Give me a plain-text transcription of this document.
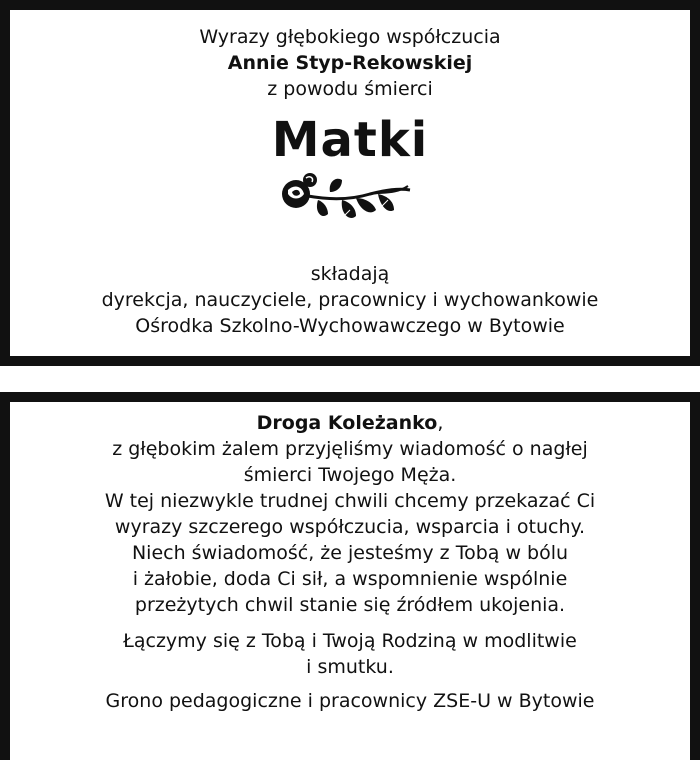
Wyrazy głębokiego współczucia
Annie Styp-Rekowskiej
z powodu śmierci
Matki
składają
dyrekcja, nauczyciele, pracownicy i wychowankowie
Ośrodka Szkolno-Wychowawczego w Bytowie
Droga Koleżanko,
z głębokim żalem przyjęliśmy wiadomość o nagłej
śmierci Twojego Męża.
W tej niezwykle trudnej chwili chcemy przekazać Ci
wyrazy szczerego współczucia, wsparcia i otuchy.
Niech świadomość, że jesteśmy z Tobą w bólu
i żałobie, doda Ci sił, a wspomnienie wspólnie
przeżytych chwil stanie się źródłem ukojenia.
Łączymy się z Tobą i Twoją Rodziną w modlitwie
i smutku.
Grono pedagogiczne i pracownicy ZSE-U w Bytowie
